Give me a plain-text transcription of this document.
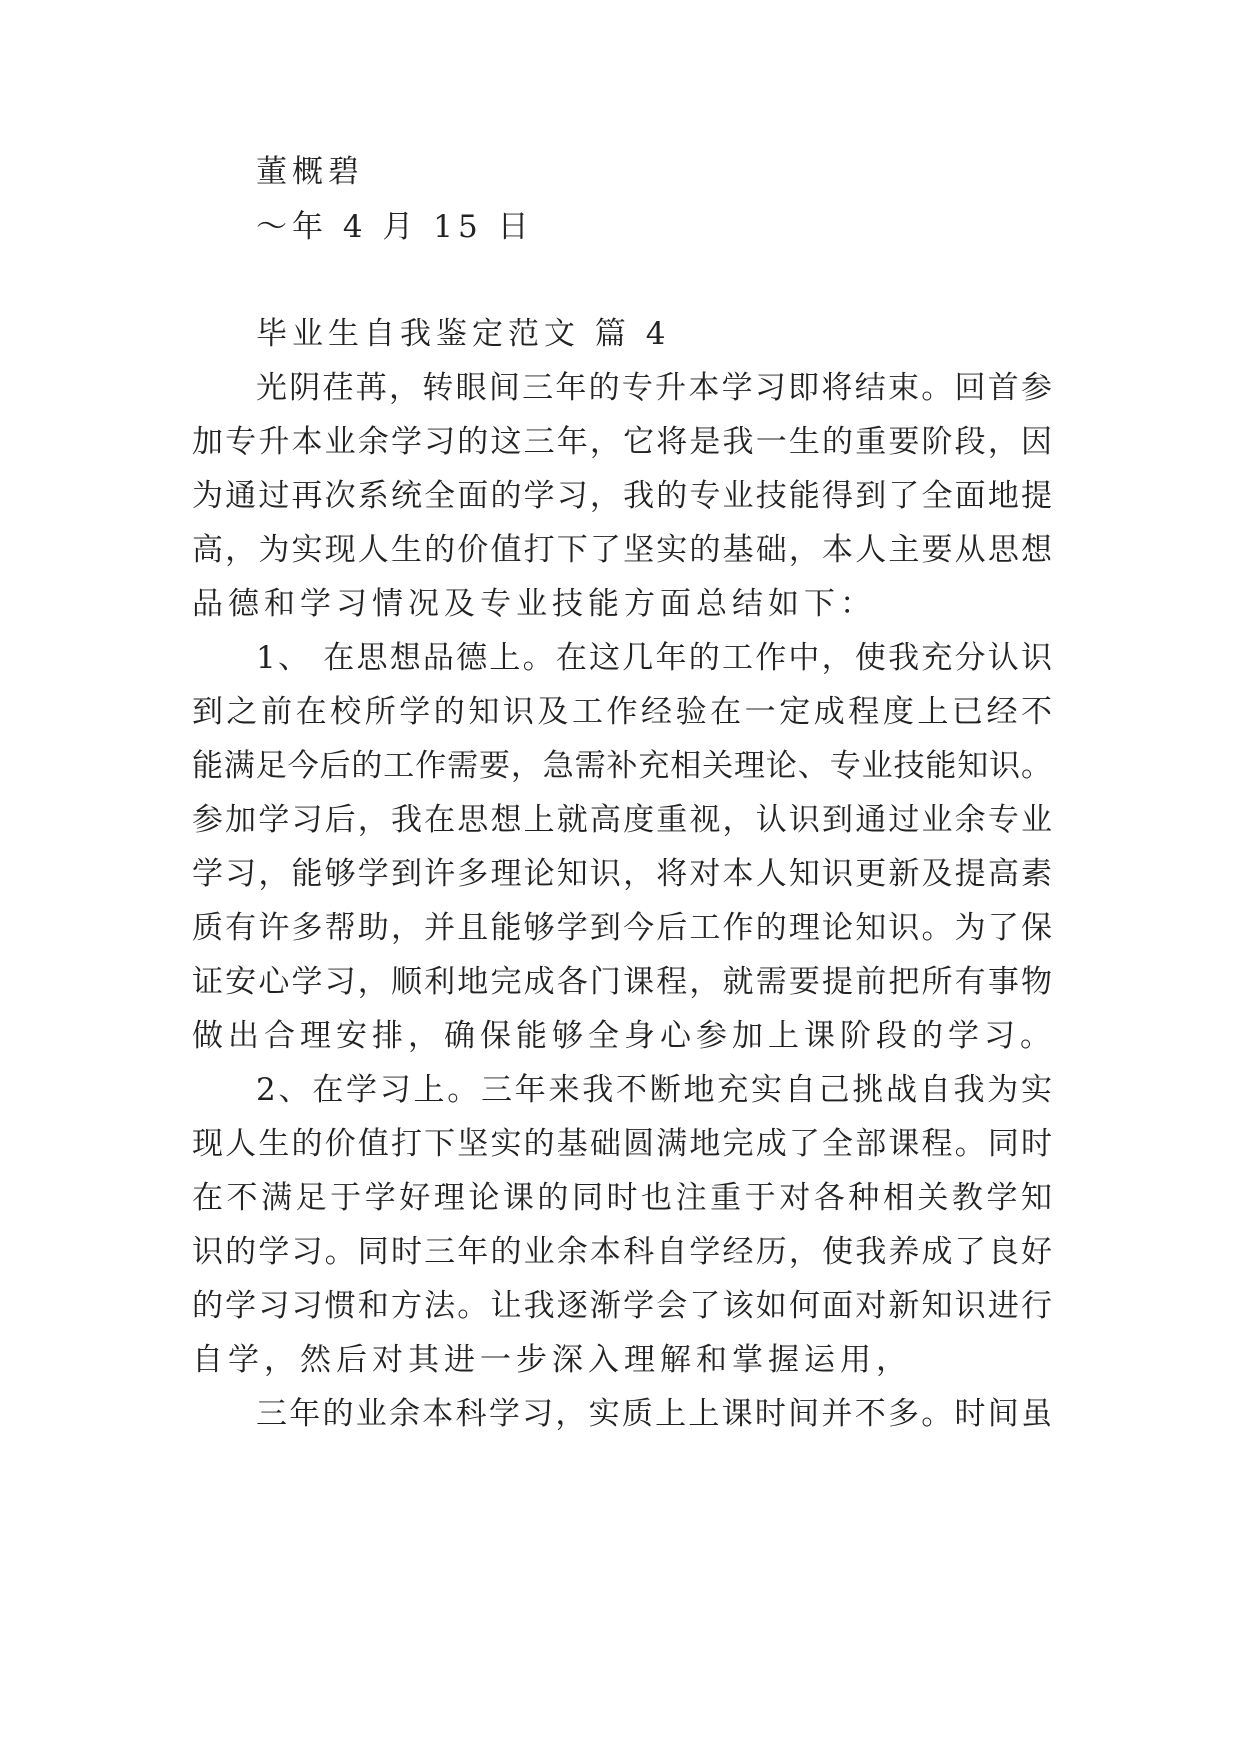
董概碧
～年 4 月 15 日
毕业生自我鉴定范文 篇 4
光阴荏苒，转眼间三年的专升本学习即将结束。回首参
加专升本业余学习的这三年，它将是我一生的重要阶段，因
为通过再次系统全面的学习，我的专业技能得到了全面地提
高，为实现人生的价值打下了坚实的基础，本人主要从思想
品德和学习情况及专业技能方面总结如下：
1、 在思想品德上。在这几年的工作中，使我充分认识
到之前在校所学的知识及工作经验在一定成程度上已经不
能满足今后的工作需要，急需补充相关理论、专业技能知识。
参加学习后，我在思想上就高度重视，认识到通过业余专业
学习，能够学到许多理论知识，将对本人知识更新及提高素
质有许多帮助，并且能够学到今后工作的理论知识。为了保
证安心学习，顺利地完成各门课程，就需要提前把所有事物
做出合理安排，确保能够全身心参加上课阶段的学习。
2、在学习上。三年来我不断地充实自己挑战自我为实
现人生的价值打下坚实的基础圆满地完成了全部课程。同时
在不满足于学好理论课的同时也注重于对各种相关教学知
识的学习。同时三年的业余本科自学经历，使我养成了良好
的学习习惯和方法。让我逐渐学会了该如何面对新知识进行
自学，然后对其进一步深入理解和掌握运用，
三年的业余本科学习，实质上上课时间并不多。时间虽
